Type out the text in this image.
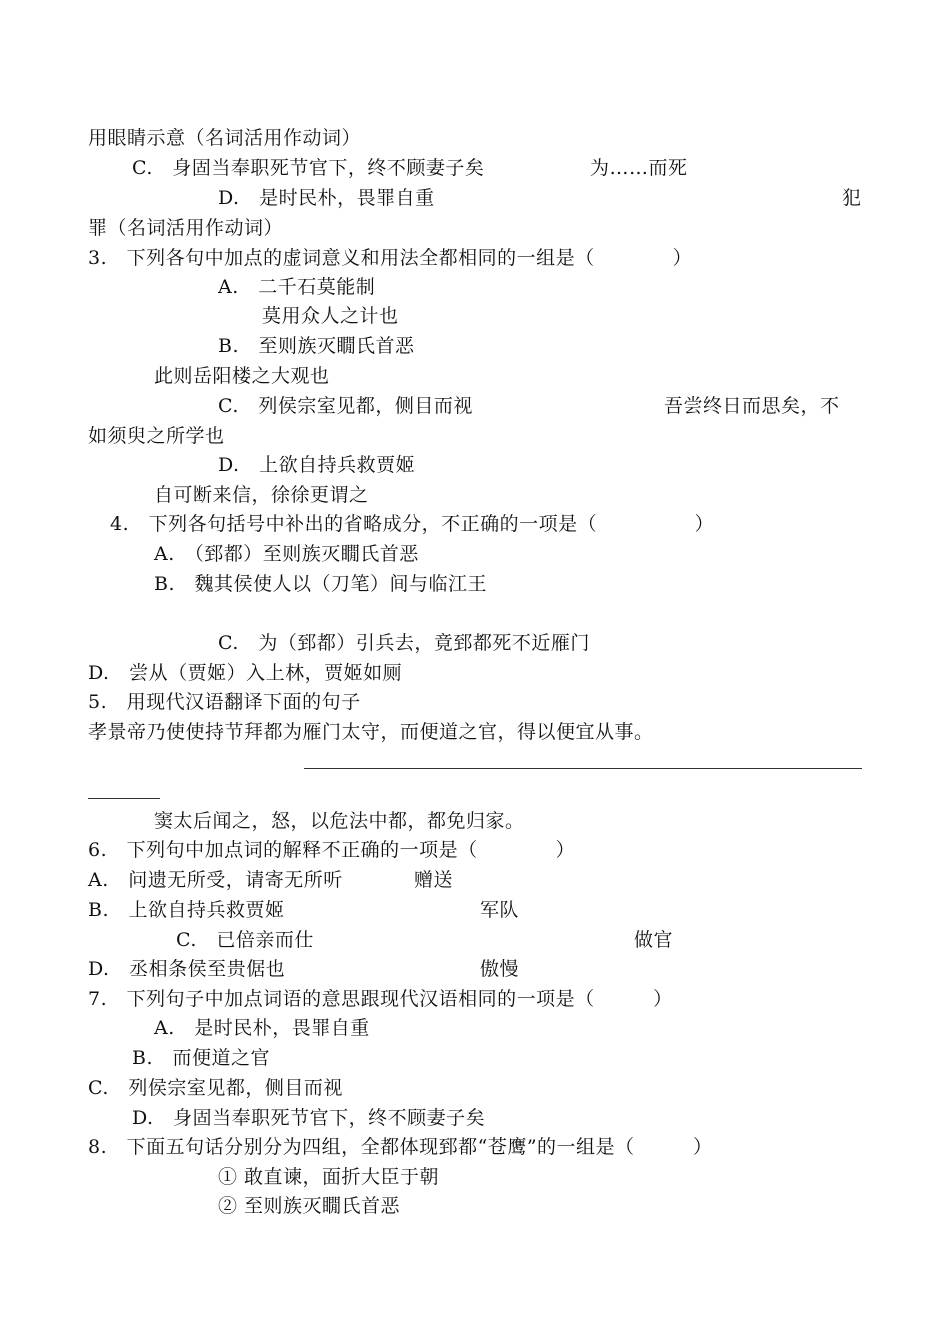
用眼睛示意（名词活用作动词）
C.　身固当奉职死节官下，终不顾妻子矣	为……而死
D.　是时民朴，畏罪自重	犯
罪（名词活用作动词）
3.　下列各句中加点的虚词意义和用法全都相同的一组是（　　　　）
A.　二千石莫能制
莫用众人之计也
B.　至则族灭瞯氏首恶
此则岳阳楼之大观也
C.　列侯宗室见都，侧目而视	吾尝终日而思矣，不
如须臾之所学也
D.　上欲自持兵救贾姬
自可断来信，徐徐更谓之
4.　下列各句括号中补出的省略成分，不正确的一项是（　　　　　）
A.　（郅都）至则族灭瞯氏首恶
B.　魏其侯使人以（刀笔）间与临江王
C.　为（郅都）引兵去，竟郅都死不近雁门
D.　尝从（贾姬）入上林，贾姬如厕
5.　用现代汉语翻译下面的句子
孝景帝乃使使持节拜都为雁门太守，而便道之官，得以便宜从事。
窦太后闻之，怒，以危法中都，都免归家。
6.　下列句中加点词的解释不正确的一项是（　　　　）
A.　问遗无所受，请寄无所听	赠送
B.　上欲自持兵救贾姬	军队
C.　已倍亲而仕	做官
D.　丞相条侯至贵倨也	傲慢
7.　下列句子中加点词语的意思跟现代汉语相同的一项是（　　　）
A.　是时民朴，畏罪自重
B.　而便道之官
C.　列侯宗室见都，侧目而视
D.　身固当奉职死节官下，终不顾妻子矣
8.　下面五句话分别分为四组，全都体现郅都“苍鹰”的一组是（　　　）
① 敢直谏，面折大臣于朝
② 至则族灭瞯氏首恶
